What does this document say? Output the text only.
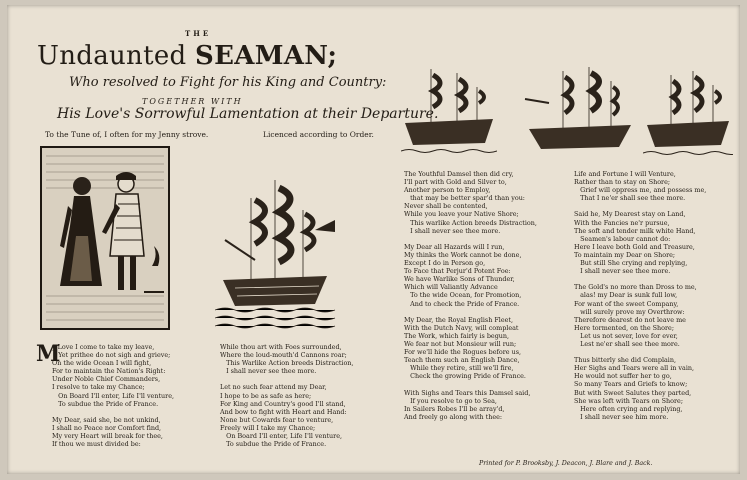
THE
Undaunted SEAMAN;
Who resolved to Fight for his King and Country:
TOGETHER WITH
His Love's Sorrowful Lamentation at their Departure.
To the Tune of, I often for my Jenny strove.	Licenced according to Order.
M
y Love I come to take my leave,
Yet prithee do not sigh and grieve;
On the wide Ocean I will fight,
For to maintain the Nation's Right:
Under Noble Chief Commanders,
I resolve to take my Chance;
On Board I'll enter, Life I'll venture,
To subdue the Pride of France.

My Dear, said she, be not unkind,
I shall no Peace nor Comfort find,
My very Heart will break for thee,
If thou we must divided be:
While thou art with Foes surrounded,
Where the loud-mouth'd Cannons roar;
This Warlike Action breeds Distraction,
I shall never see thee more.

Let no such fear attend my Dear,
I hope to be as safe as here;
For King and Country's good I'll stand,
And bow to fight with Heart and Hand:
None but Cowards fear to venture,
Freely will I take my Chance;
On Board I'll enter, Life I'll venture,
To subdue the Pride of France.
The Youthful Damsel then did cry,
I'll part with Gold and Silver to,
Another person to Employ,
that may be better spar'd than you:
Never shall be contented,
While you leave your Native Shore;
This warlike Action breeds Distraction,
I shall never see thee more.

My Dear all Hazards will I run,
My thinks the Work cannot be done,
Except I do in Person go,
To Face that Perjur'd Potent Foe:
We have Warlike Sons of Thunder,
Which will Valiantly Advance
To the wide Ocean, for Promotion,
And to check the Pride of France.

My Dear, the Royal English Fleet,
With the Dutch Navy, will compleat
The Work, which fairly is begun,
We fear not but Monsieur will run;
For we'll hide the Rogues before us,
Teach them such an English Dance,
While they retire, still we'll fire,
Check the growing Pride of France.

With Sighs and Tears this Damsel said,
If you resolve to go to Sea,
In Sailers Robes I'll be array'd,
And freely go along with thee:
Life and Fortune I will Venture,
Rather than to stay on Shore;
Grief will oppress me, and possess me,
That I ne'er shall see thee more.

Said he, My Dearest stay on Land,
With the Fancies ne'r pursue,
The soft and tender milk white Hand,
Seamen's labour cannot do:
Here I leave both Gold and Treasure,
To maintain my Dear on Shore;
But still She crying and replying,
I shall never see thee more.

The Gold's no more than Dross to me,
alas! my Dear is sunk full low,
For want of the sweet Company,
will surely prove my Overthrow:
Therefore dearest do not leave me
Here tormented, on the Shore;
Let us not sever, love for ever,
Lest ne'er shall see thee more.

Thus bitterly she did Complain,
Her Sighs and Tears were all in vain,
He would not suffer her to go,
So many Tears and Griefs to know;
But with Sweet Salutes they parted,
She was left with Tears on Shore;
Here often crying and replying,
I shall never see him more.
Printed for P. Brooksby, J. Deacon, J. Blare and J. Back.
